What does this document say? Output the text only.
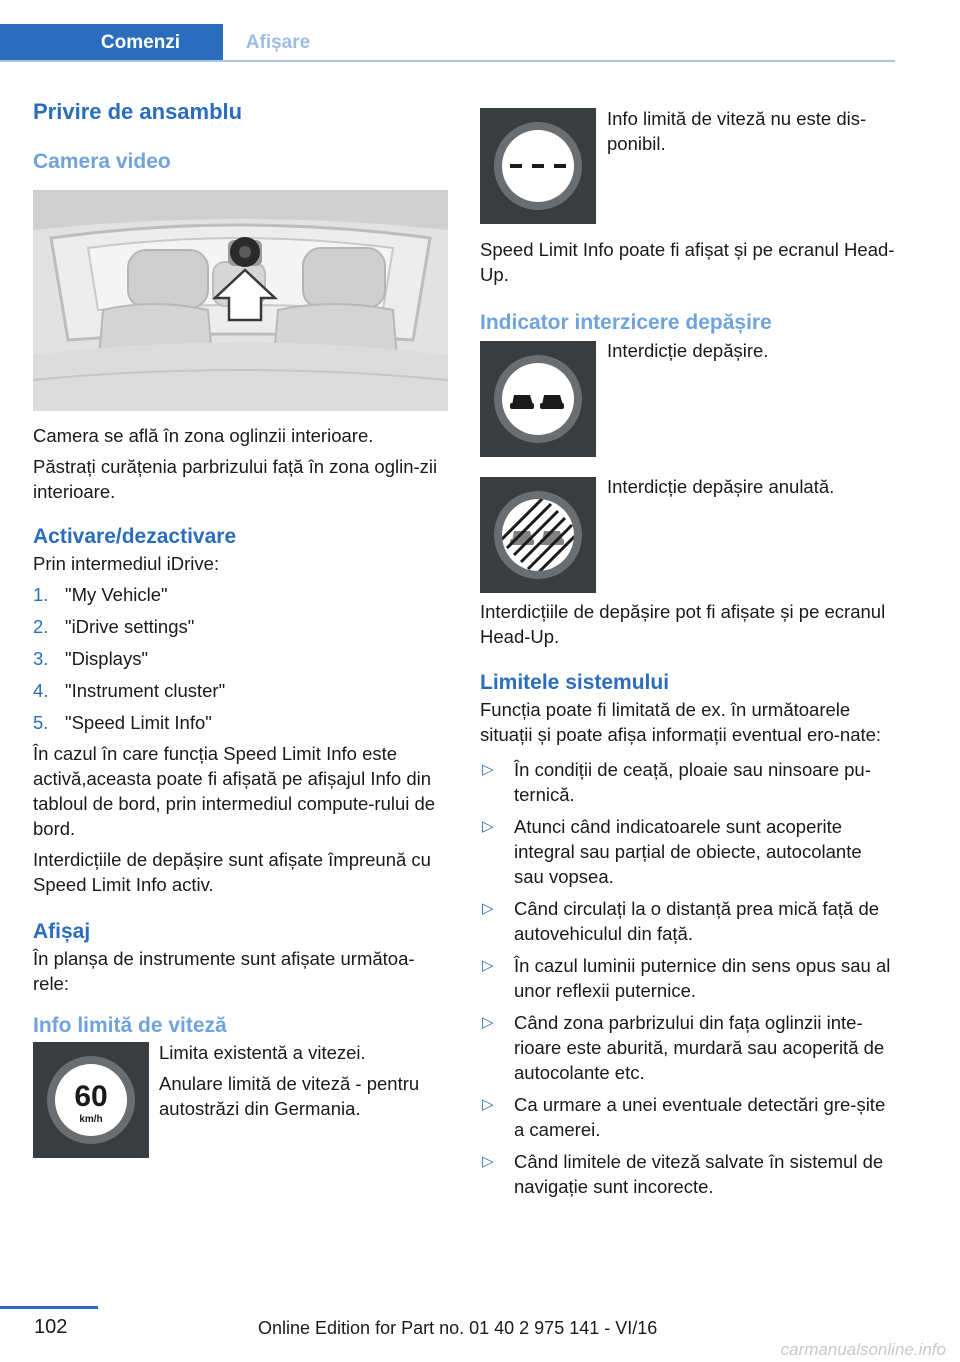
Comenzi	Afișare
Privire de ansamblu
Camera video

Camera se află în zona oglinzii interioare.

Păstrați curățenia parbrizului față în zona oglin-zii interioare.

Activare/dezactivare

Prin intermediul iDrive:

1. "My Vehicle"
2. "iDrive settings"
3. "Displays"
4. "Instrument cluster"
5. "Speed Limit Info"

În cazul în care funcția Speed Limit Info este activă,aceasta poate fi afișată pe afișajul Info din tabloul de bord, prin intermediul compute-rului de bord.

Interdicțiile de depășire sunt afișate împreună cu Speed Limit Info activ.

Afișaj

În planșa de instrumente sunt afișate următoa-rele:

Info limită de viteză
60
km/h

Limita existentă a vitezei.

Anulare limită de viteză - pentru autostrăzi din Germania.

Info limită de viteză nu este dis-ponibil.

Speed Limit Info poate fi afișat și pe ecranul Head-Up.

Indicator interzicere depășire

Interdicție depășire.

Interdicție depășire anulată.

Interdicțiile de depășire pot fi afișate și pe ecranul Head-Up.

Limitele sistemului

Funcția poate fi limitată de ex. în următoarele situații și poate afișa informații eventual ero-nate:

▷ În condiții de ceață, ploaie sau ninsoare pu-ternică.
▷ Atunci când indicatoarele sunt acoperite integral sau parțial de obiecte, autocolante sau vopsea.
▷ Când circulați la o distanță prea mică față de autovehiculul din față.
▷ În cazul luminii puternice din sens opus sau al unor reflexii puternice.
▷ Când zona parbrizului din fața oglinzii inte-rioare este aburită, murdară sau acoperită de autocolante etc.
▷ Ca urmare a unei eventuale detectări gre-șite a camerei.
▷ Când limitele de viteză salvate în sistemul de navigație sunt incorecte.
102	Online Edition for Part no. 01 40 2 975 141 - VI/16
carmanualsonline.info
